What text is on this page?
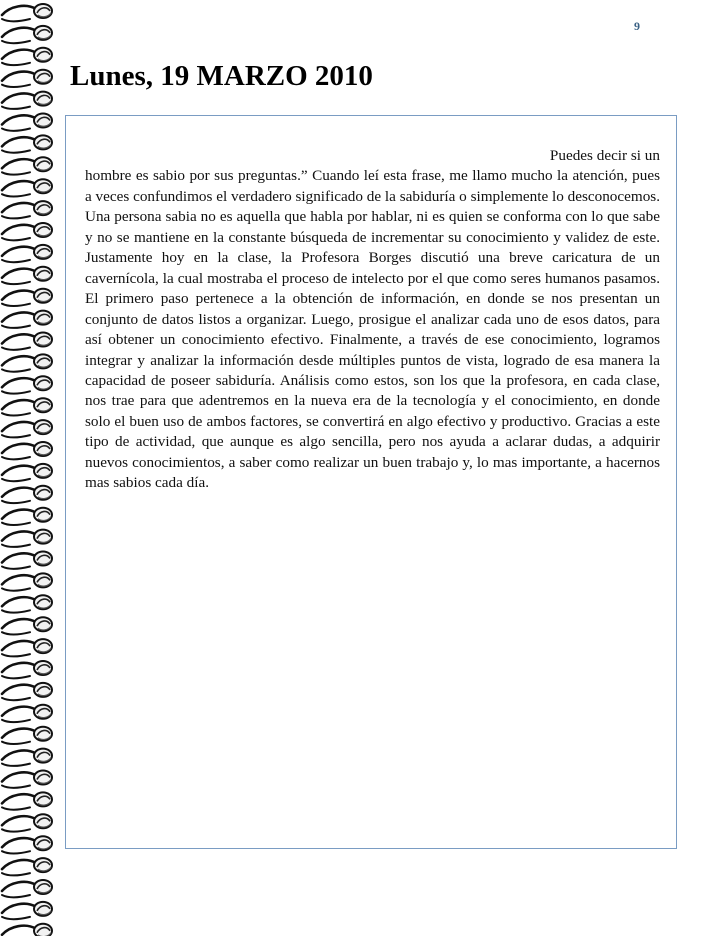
9
Lunes, 19 MARZO 2010

Puedes decir si un
hombre es sabio por sus preguntas.” Cuando leí esta frase, me llamo mucho la atención, pues a veces confundimos el verdadero significado de la sabiduría o simplemente lo desconocemos. Una persona sabia no es aquella que habla por hablar, ni es quien se conforma con lo que sabe y no se mantiene en la constante búsqueda de incrementar su conocimiento y validez de este. Justamente hoy en la clase, la Profesora Borges discutió una breve caricatura de un cavernícola, la cual mostraba el proceso de intelecto por el que como seres humanos pasamos. El primero paso pertenece a la obtención de información, en donde se nos presentan un conjunto de datos listos a organizar. Luego, prosigue el analizar cada uno de esos datos, para así obtener un conocimiento efectivo. Finalmente, a través de ese conocimiento, logramos integrar y analizar la información desde múltiples puntos de vista, logrado de esa manera la capacidad de poseer sabiduría. Análisis como estos, son los que la profesora, en cada clase, nos trae para que adentremos en la nueva era de la tecnología y el conocimiento, en donde solo el buen uso de ambos factores, se convertirá en algo efectivo y productivo. Gracias a este tipo de actividad, que aunque es algo sencilla, pero nos ayuda a aclarar dudas, a adquirir nuevos conocimientos, a saber como realizar un buen trabajo y, lo mas importante, a hacernos mas sabios cada día.
